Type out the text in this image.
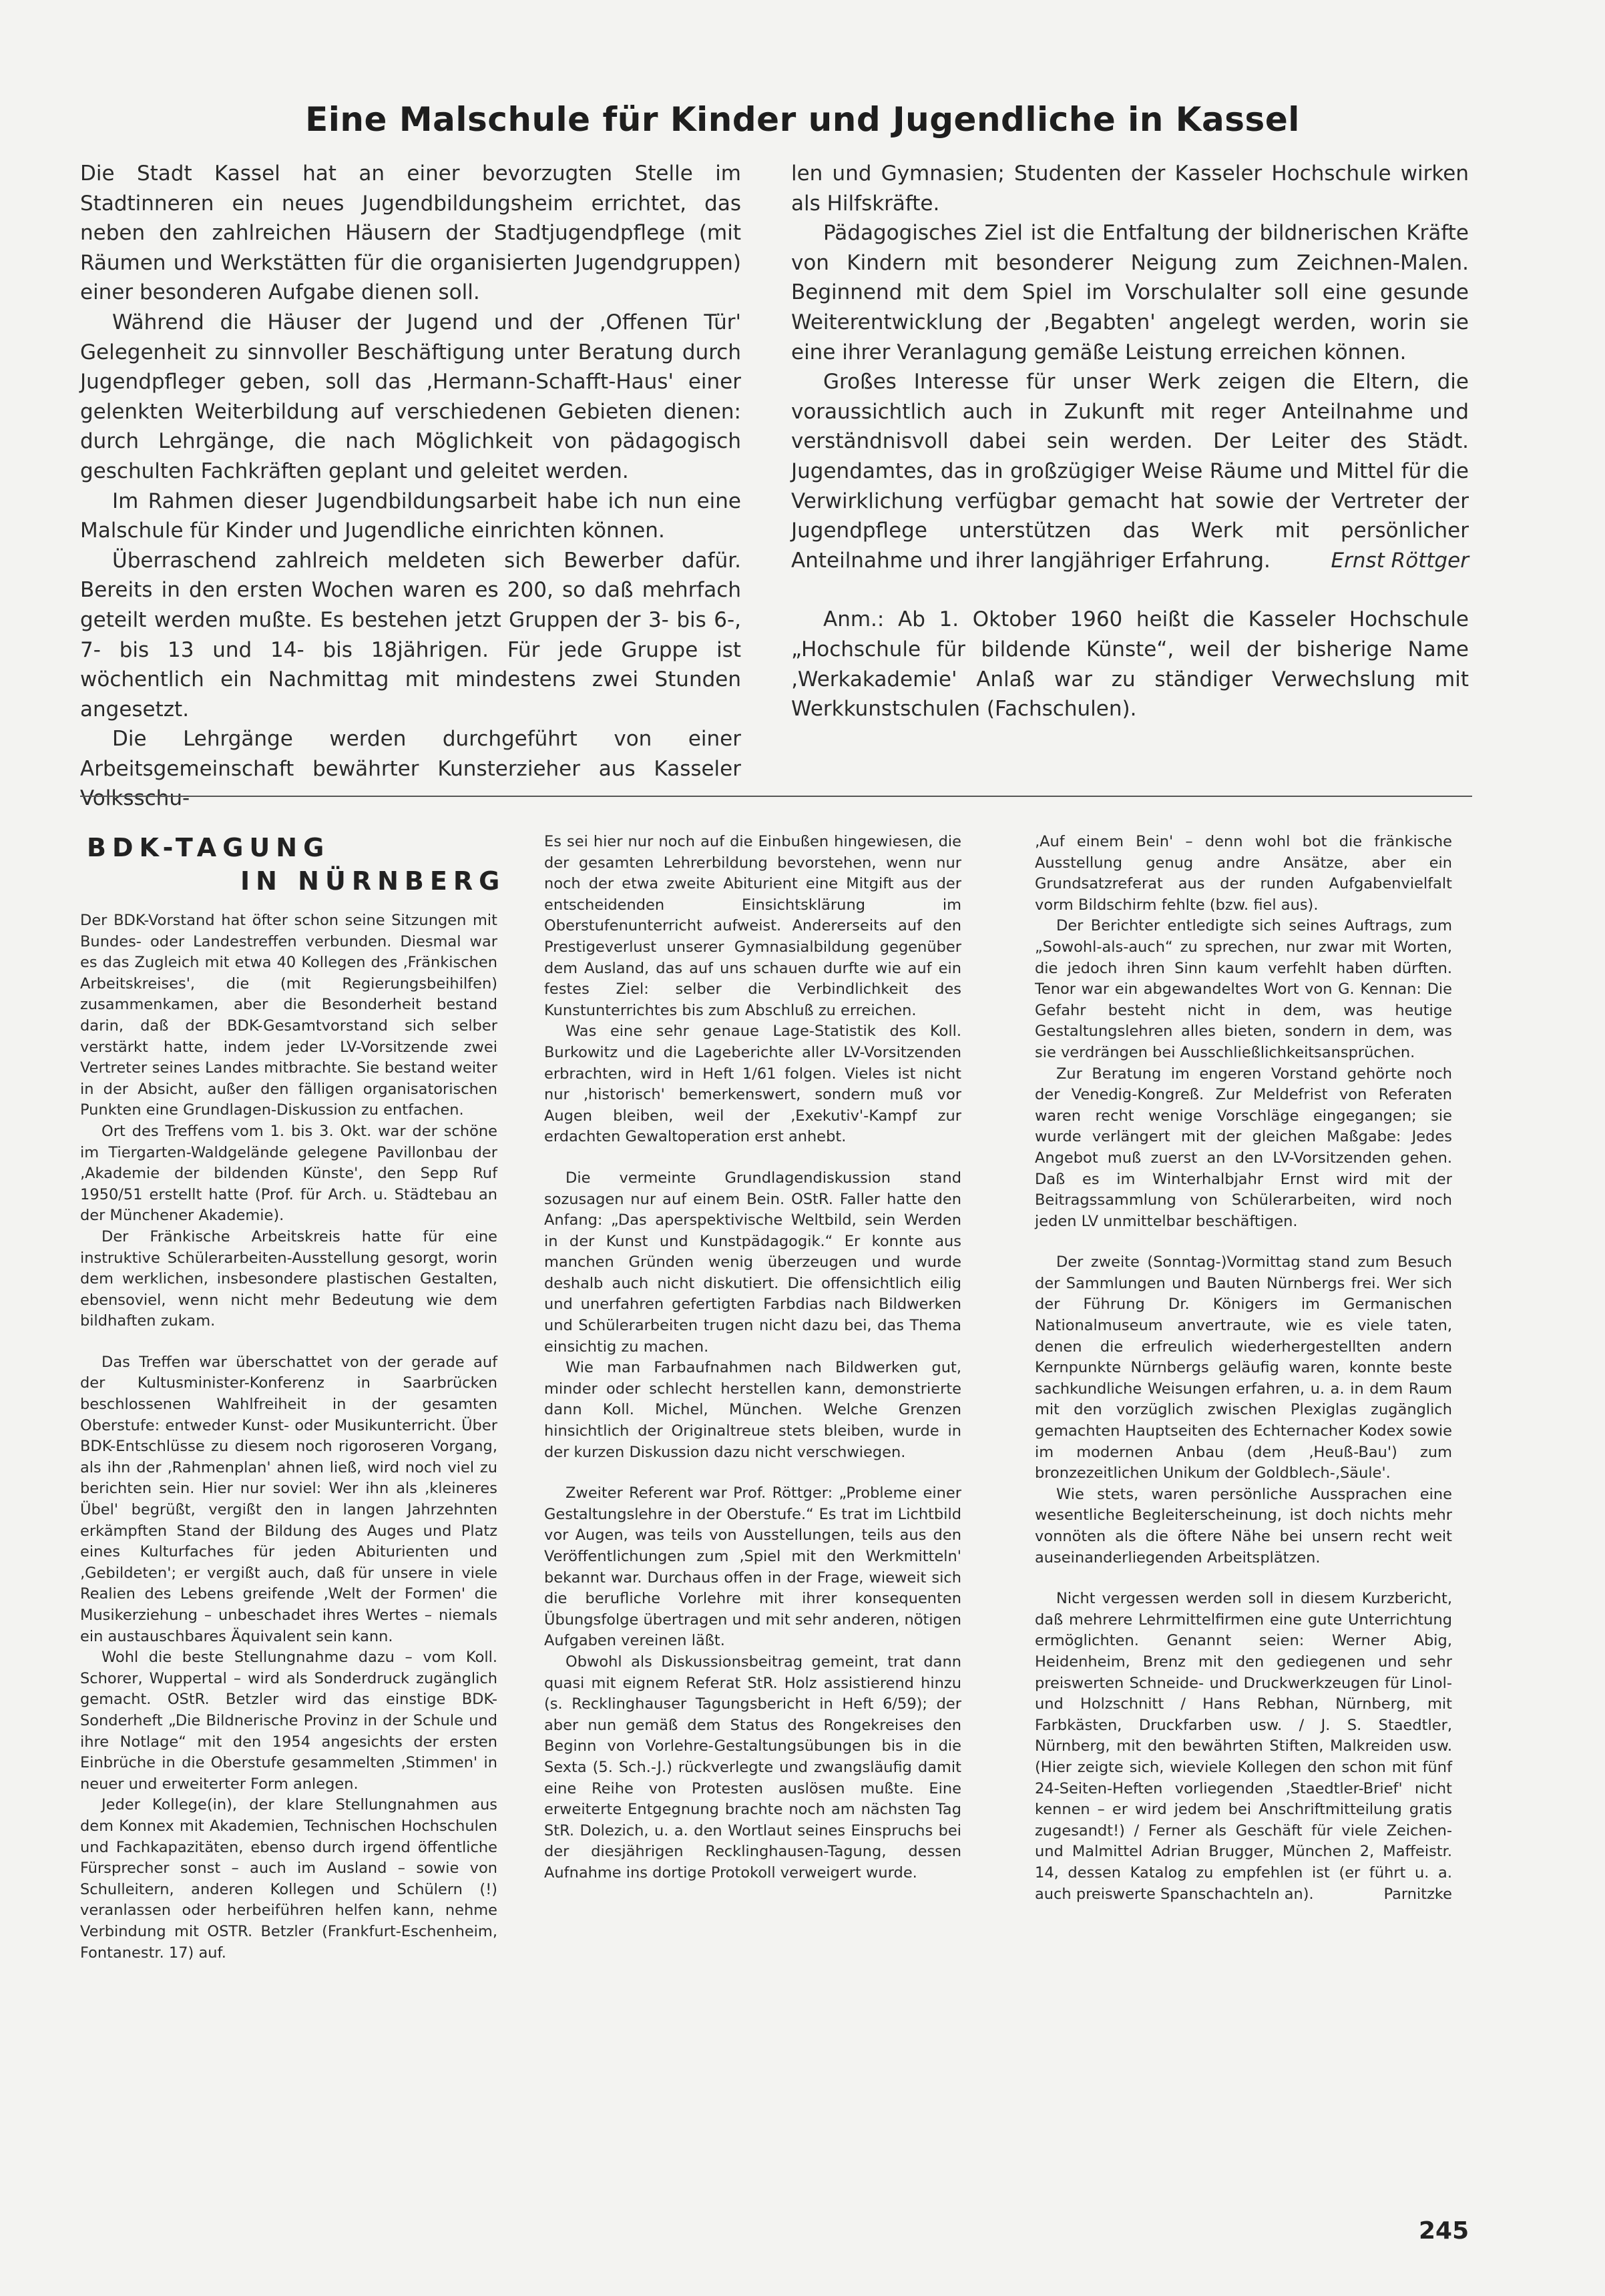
Eine Malschule für Kinder und Jugendliche in Kassel

Die Stadt Kassel hat an einer bevorzugten Stelle im Stadtinneren ein neues Jugendbildungsheim errichtet, das neben den zahlreichen Häusern der Stadtjugendpflege (mit Räumen und Werkstätten für die organisierten Jugendgruppen) einer besonderen Aufgabe dienen soll.

Während die Häuser der Jugend und der ‚Offenen Tür' Gelegenheit zu sinnvoller Beschäftigung unter Beratung durch Jugendpfleger geben, soll das ‚Hermann-Schafft-Haus' einer gelenkten Weiterbildung auf verschiedenen Gebieten dienen: durch Lehrgänge, die nach Möglichkeit von pädagogisch geschulten Fachkräften geplant und geleitet werden.

Im Rahmen dieser Jugendbildungsarbeit habe ich nun eine Malschule für Kinder und Jugendliche einrichten können.

Überraschend zahlreich meldeten sich Bewerber dafür. Bereits in den ersten Wochen waren es 200, so daß mehrfach geteilt werden mußte. Es bestehen jetzt Gruppen der 3- bis 6-, 7- bis 13 und 14- bis 18jährigen. Für jede Gruppe ist wöchentlich ein Nachmittag mit mindestens zwei Stunden angesetzt.

Die Lehrgänge werden durchgeführt von einer Arbeitsgemeinschaft bewährter Kunsterzieher aus Kasseler Volksschu-

len und Gymnasien; Studenten der Kasseler Hochschule wirken als Hilfskräfte.

Pädagogisches Ziel ist die Entfaltung der bildnerischen Kräfte von Kindern mit besonderer Neigung zum Zeichnen-Malen. Beginnend mit dem Spiel im Vorschulalter soll eine gesunde Weiterentwicklung der ‚Begabten' angelegt werden, worin sie eine ihrer Veranlagung gemäße Leistung erreichen können.

Großes Interesse für unser Werk zeigen die Eltern, die voraussichtlich auch in Zukunft mit reger Anteilnahme und verständnisvoll dabei sein werden. Der Leiter des Städt. Jugendamtes, das in großzügiger Weise Räume und Mittel für die Verwirklichung verfügbar gemacht hat sowie der Vertreter der Jugendpflege unterstützen das Werk mit persönlicher Anteilnahme und ihrer langjähriger Erfahrung.	Ernst Röttger

Anm.: Ab 1. Oktober 1960 heißt die Kasseler Hochschule „Hochschule für bildende Künste“, weil der bisherige Name ‚Werkakademie' Anlaß war zu ständiger Verwechslung mit Werkkunstschulen (Fachschulen).

BDK-TAGUNG
IN NÜRNBERG

Der BDK-Vorstand hat öfter schon seine Sitzungen mit Bundes- oder Landestreffen verbunden. Diesmal war es das Zugleich mit etwa 40 Kollegen des ‚Fränkischen Arbeitskreises', die (mit Regierungsbeihilfen) zusammenkamen, aber die Besonderheit bestand darin, daß der BDK-Gesamtvorstand sich selber verstärkt hatte, indem jeder LV-Vorsitzende zwei Vertreter seines Landes mitbrachte. Sie bestand weiter in der Absicht, außer den fälligen organisatorischen Punkten eine Grundlagen-Diskussion zu entfachen.

Ort des Treffens vom 1. bis 3. Okt. war der schöne im Tiergarten-Waldgelände gelegene Pavillonbau der ‚Akademie der bildenden Künste', den Sepp Ruf 1950/51 erstellt hatte (Prof. für Arch. u. Städtebau an der Münchener Akademie).

Der Fränkische Arbeitskreis hatte für eine instruktive Schülerarbeiten-Ausstellung gesorgt, worin dem werklichen, insbesondere plastischen Gestalten, ebensoviel, wenn nicht mehr Bedeutung wie dem bildhaften zukam.

Das Treffen war überschattet von der gerade auf der Kultusminister-Konferenz in Saarbrücken beschlossenen Wahlfreiheit in der gesamten Oberstufe: entweder Kunst- oder Musikunterricht. Über BDK-Entschlüsse zu diesem noch rigoroseren Vorgang, als ihn der ‚Rahmenplan' ahnen ließ, wird noch viel zu berichten sein. Hier nur soviel: Wer ihn als ‚kleineres Übel' begrüßt, vergißt den in langen Jahrzehnten erkämpften Stand der Bildung des Auges und Platz eines Kulturfaches für jeden Abiturienten und ‚Gebildeten'; er vergißt auch, daß für unsere in viele Realien des Lebens greifende ‚Welt der Formen' die Musikerziehung – unbeschadet ihres Wertes – niemals ein austauschbares Äquivalent sein kann.

Wohl die beste Stellungnahme dazu – vom Koll. Schorer, Wuppertal – wird als Sonderdruck zugänglich gemacht. OStR. Betzler wird das einstige BDK-Sonderheft „Die Bildnerische Provinz in der Schule und ihre Notlage“ mit den 1954 angesichts der ersten Einbrüche in die Oberstufe gesammelten ‚Stimmen' in neuer und erweiterter Form anlegen.

Jeder Kollege(in), der klare Stellungnahmen aus dem Konnex mit Akademien, Technischen Hochschulen und Fachkapazitäten, ebenso durch irgend öffentliche Fürsprecher sonst – auch im Ausland – sowie von Schulleitern, anderen Kollegen und Schülern (!) veranlassen oder herbeiführen helfen kann, nehme Verbindung mit OSTR. Betzler (Frankfurt-Eschenheim, Fontanestr. 17) auf.

Es sei hier nur noch auf die Einbußen hingewiesen, die der gesamten Lehrerbildung bevorstehen, wenn nur noch der etwa zweite Abiturient eine Mitgift aus der entscheidenden Einsichtsklärung im Oberstufenunterricht aufweist. Andererseits auf den Prestigeverlust unserer Gymnasialbildung gegenüber dem Ausland, das auf uns schauen durfte wie auf ein festes Ziel: selber die Verbindlichkeit des Kunstunterrichtes bis zum Abschluß zu erreichen.

Was eine sehr genaue Lage-Statistik des Koll. Burkowitz und die Lageberichte aller LV-Vorsitzenden erbrachten, wird in Heft 1/61 folgen. Vieles ist nicht nur ‚historisch' bemerkenswert, sondern muß vor Augen bleiben, weil der ‚Exekutiv'-Kampf zur erdachten Gewaltoperation erst anhebt.

Die vermeinte Grundlagendiskussion stand sozusagen nur auf einem Bein. OStR. Faller hatte den Anfang: „Das aperspektivische Weltbild, sein Werden in der Kunst und Kunstpädagogik.“ Er konnte aus manchen Gründen wenig überzeugen und wurde deshalb auch nicht diskutiert. Die offensichtlich eilig und unerfahren gefertigten Farbdias nach Bildwerken und Schülerarbeiten trugen nicht dazu bei, das Thema einsichtig zu machen.

Wie man Farbaufnahmen nach Bildwerken gut, minder oder schlecht herstellen kann, demonstrierte dann Koll. Michel, München. Welche Grenzen hinsichtlich der Originaltreue stets bleiben, wurde in der kurzen Diskussion dazu nicht verschwiegen.

Zweiter Referent war Prof. Röttger: „Probleme einer Gestaltungslehre in der Oberstufe.“ Es trat im Lichtbild vor Augen, was teils von Ausstellungen, teils aus den Veröffentlichungen zum ‚Spiel mit den Werkmitteln' bekannt war. Durchaus offen in der Frage, wieweit sich die berufliche Vorlehre mit ihrer konsequenten Übungsfolge übertragen und mit sehr anderen, nötigen Aufgaben vereinen läßt.

Obwohl als Diskussionsbeitrag gemeint, trat dann quasi mit eignem Referat StR. Holz assistierend hinzu (s. Recklinghauser Tagungsbericht in Heft 6/59); der aber nun gemäß dem Status des Rongekreises den Beginn von Vorlehre-Gestaltungsübungen bis in die Sexta (5. Sch.-J.) rückverlegte und zwangsläufig damit eine Reihe von Protesten auslösen mußte. Eine erweiterte Entgegnung brachte noch am nächsten Tag StR. Dolezich, u. a. den Wortlaut seines Einspruchs bei der diesjährigen Recklinghausen-Tagung, dessen Aufnahme ins dortige Protokoll verweigert wurde.

‚Auf einem Bein' – denn wohl bot die fränkische Ausstellung genug andre Ansätze, aber ein Grundsatzreferat aus der runden Aufgabenvielfalt vorm Bildschirm fehlte (bzw. fiel aus).

Der Berichter entledigte sich seines Auftrags, zum „Sowohl-als-auch“ zu sprechen, nur zwar mit Worten, die jedoch ihren Sinn kaum verfehlt haben dürften. Tenor war ein abgewandeltes Wort von G. Kennan: Die Gefahr besteht nicht in dem, was heutige Gestaltungslehren alles bieten, sondern in dem, was sie verdrängen bei Ausschließlichkeitsansprüchen.

Zur Beratung im engeren Vorstand gehörte noch der Venedig-Kongreß. Zur Meldefrist von Referaten waren recht wenige Vorschläge eingegangen; sie wurde verlängert mit der gleichen Maßgabe: Jedes Angebot muß zuerst an den LV-Vorsitzenden gehen. Daß es im Winterhalbjahr Ernst wird mit der Beitragssammlung von Schülerarbeiten, wird noch jeden LV unmittelbar beschäftigen.

Der zweite (Sonntag-)Vormittag stand zum Besuch der Sammlungen und Bauten Nürnbergs frei. Wer sich der Führung Dr. Königers im Germanischen Nationalmuseum anvertraute, wie es viele taten, denen die erfreulich wiederhergestellten andern Kernpunkte Nürnbergs geläufig waren, konnte beste sachkundliche Weisungen erfahren, u. a. in dem Raum mit den vorzüglich zwischen Plexiglas zugänglich gemachten Hauptseiten des Echternacher Kodex sowie im modernen Anbau (dem ‚Heuß-Bau') zum bronzezeitlichen Unikum der Goldblech-‚Säule'.

Wie stets, waren persönliche Aussprachen eine wesentliche Begleiterscheinung, ist doch nichts mehr vonnöten als die öftere Nähe bei unsern recht weit auseinanderliegenden Arbeitsplätzen.

Nicht vergessen werden soll in diesem Kurzbericht, daß mehrere Lehrmittelfirmen eine gute Unterrichtung ermöglichten. Genannt seien: Werner Abig, Heidenheim, Brenz mit den gediegenen und sehr preiswerten Schneide- und Druckwerkzeugen für Linol- und Holzschnitt / Hans Rebhan, Nürnberg, mit Farbkästen, Druckfarben usw. / J. S. Staedtler, Nürnberg, mit den bewährten Stiften, Malkreiden usw. (Hier zeigte sich, wieviele Kollegen den schon mit fünf 24-Seiten-Heften vorliegenden ‚Staedtler-Brief' nicht kennen – er wird jedem bei Anschriftmitteilung gratis zugesandt!) / Ferner als Geschäft für viele Zeichen- und Malmittel Adrian Brugger, München 2, Maffeistr. 14, dessen Katalog zu empfehlen ist (er führt u. a. auch preiswerte Spanschachteln an).	Parnitzke

245
